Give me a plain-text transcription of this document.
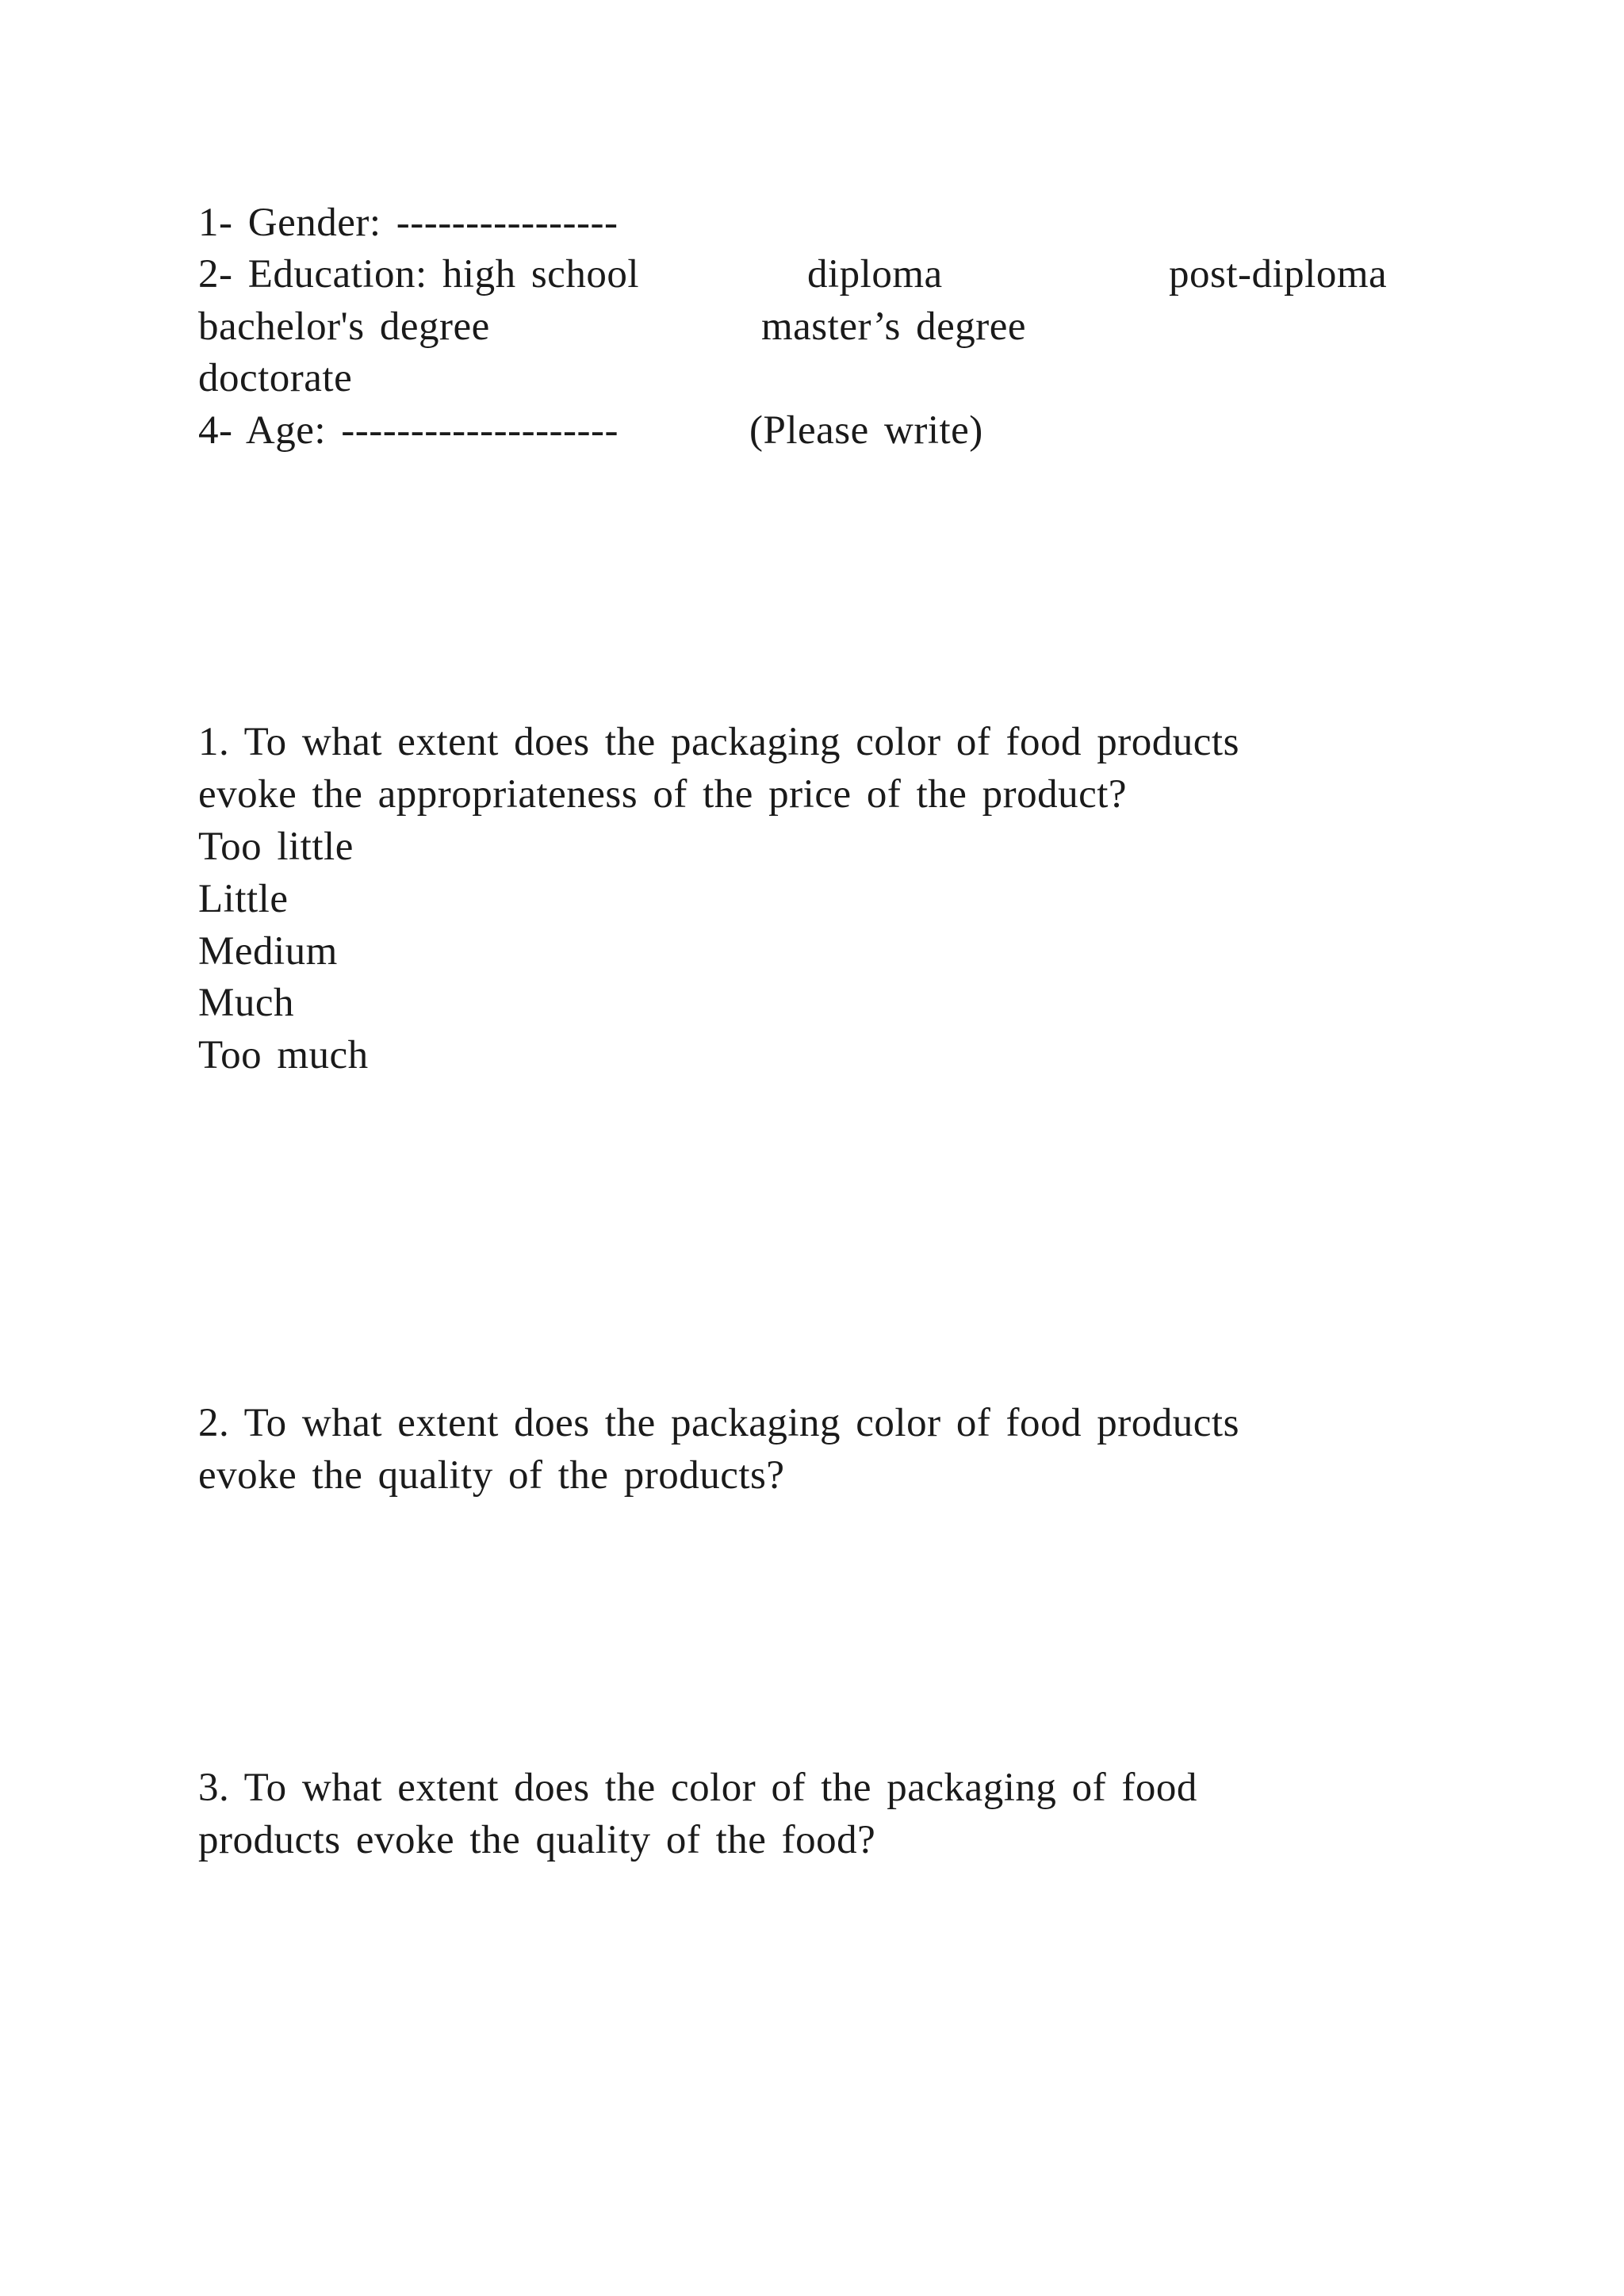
1- Gender: ----------------
2- Education: high school	diploma	post-diploma
bachelor's degree	master’s degree
doctorate
4- Age: --------------------	(Please write)
1. To what extent does the packaging color of food products
evoke the appropriateness of the price of the product?
Too little
Little
Medium
Much
Too much
2. To what extent does the packaging color of food products
evoke the quality of the products?
3. To what extent does the color of the packaging of food
products evoke the quality of the food?
